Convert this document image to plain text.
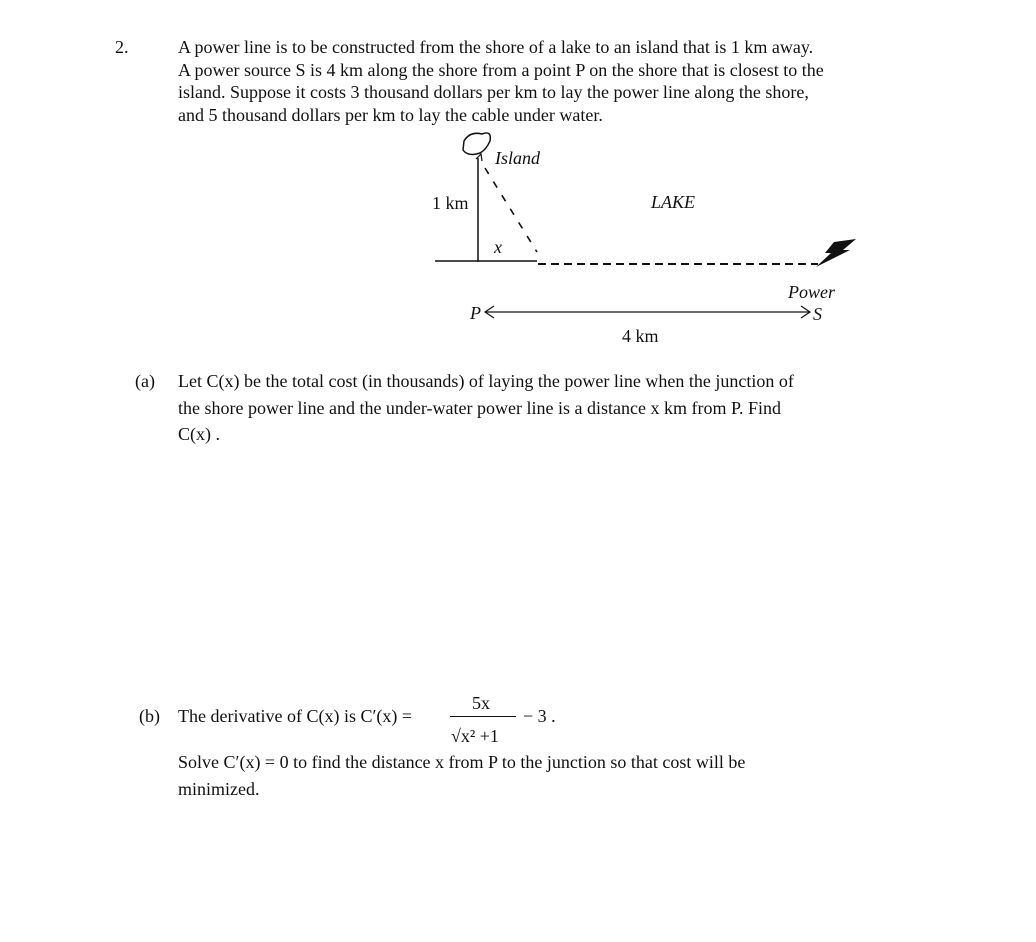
2.	A power line is to be constructed from the shore of a lake to an island that is 1 km away.
A power source S is 4 km along the shore from a point P on the shore that is closest to the
island. Suppose it costs 3 thousand dollars per km to lay the power line along the shore,
and 5 thousand dollars per km to lay the cable under water.
Island
1 km	LAKE
x
Power
P	S
4 km
(a) Let C(x) be the total cost (in thousands) of laying the power line when the junction of
the shore power line and the under-water power line is a distance x km from P. Find
C(x) .
(b) The derivative of C(x) is C′(x) =
5x
√x² +1
− 3 .
Solve C′(x) = 0 to find the distance x from P to the junction so that cost will be
minimized.
